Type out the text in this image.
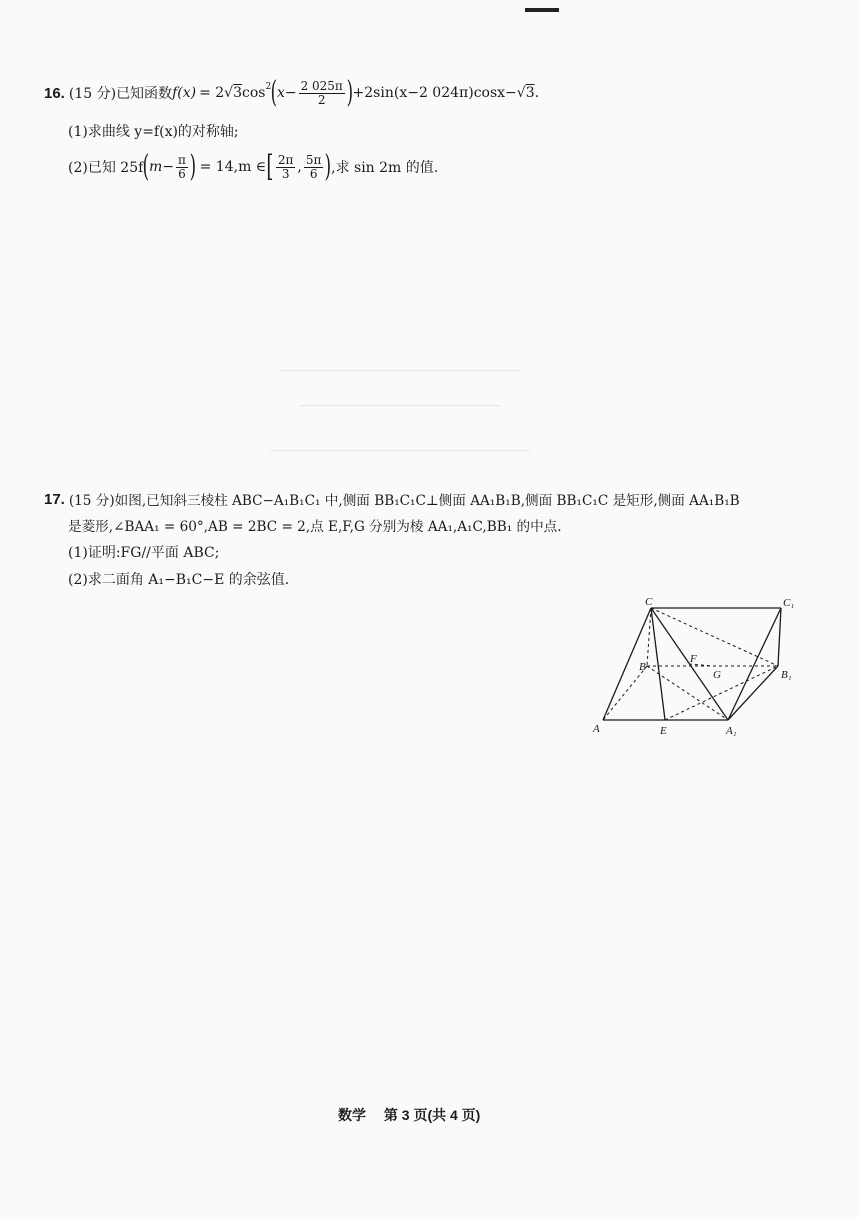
16. (15 分) 已知函数 f(x) = 2 √ 3 $\cos^2$ ( $x- \frac{2 025\pi}{2}$ ) +2sin(x−2 024π)cosx− √ 3 .
(1)求曲线 y=f(x)的对称轴;
(2)已知 25f ( $m- \frac{\pi}{6}$ ) = 14,m ∈ [ $\frac{2\pi}{3}$ , $\frac{5\pi}{6}$ ) ,求 sin 2m 的值.
17. (15 分)如图,已知斜三棱柱 ABC−A₁B₁C₁ 中,侧面 BB₁C₁C⊥侧面 AA₁B₁B,侧面 BB₁C₁C 是矩形,侧面 AA₁B₁B
是菱形,∠BAA₁ = 60°,AB = 2BC = 2,点 E,F,G 分别为棱 AA₁,A₁C,BB₁ 的中点.
(1)证明:FG//平面 ABC;
(2)求二面角 A₁−B₁C−E 的余弦值.
C	C₁
B
B₁
F
G
A	E	A₁
数学 第 3 页(共 4 页)
